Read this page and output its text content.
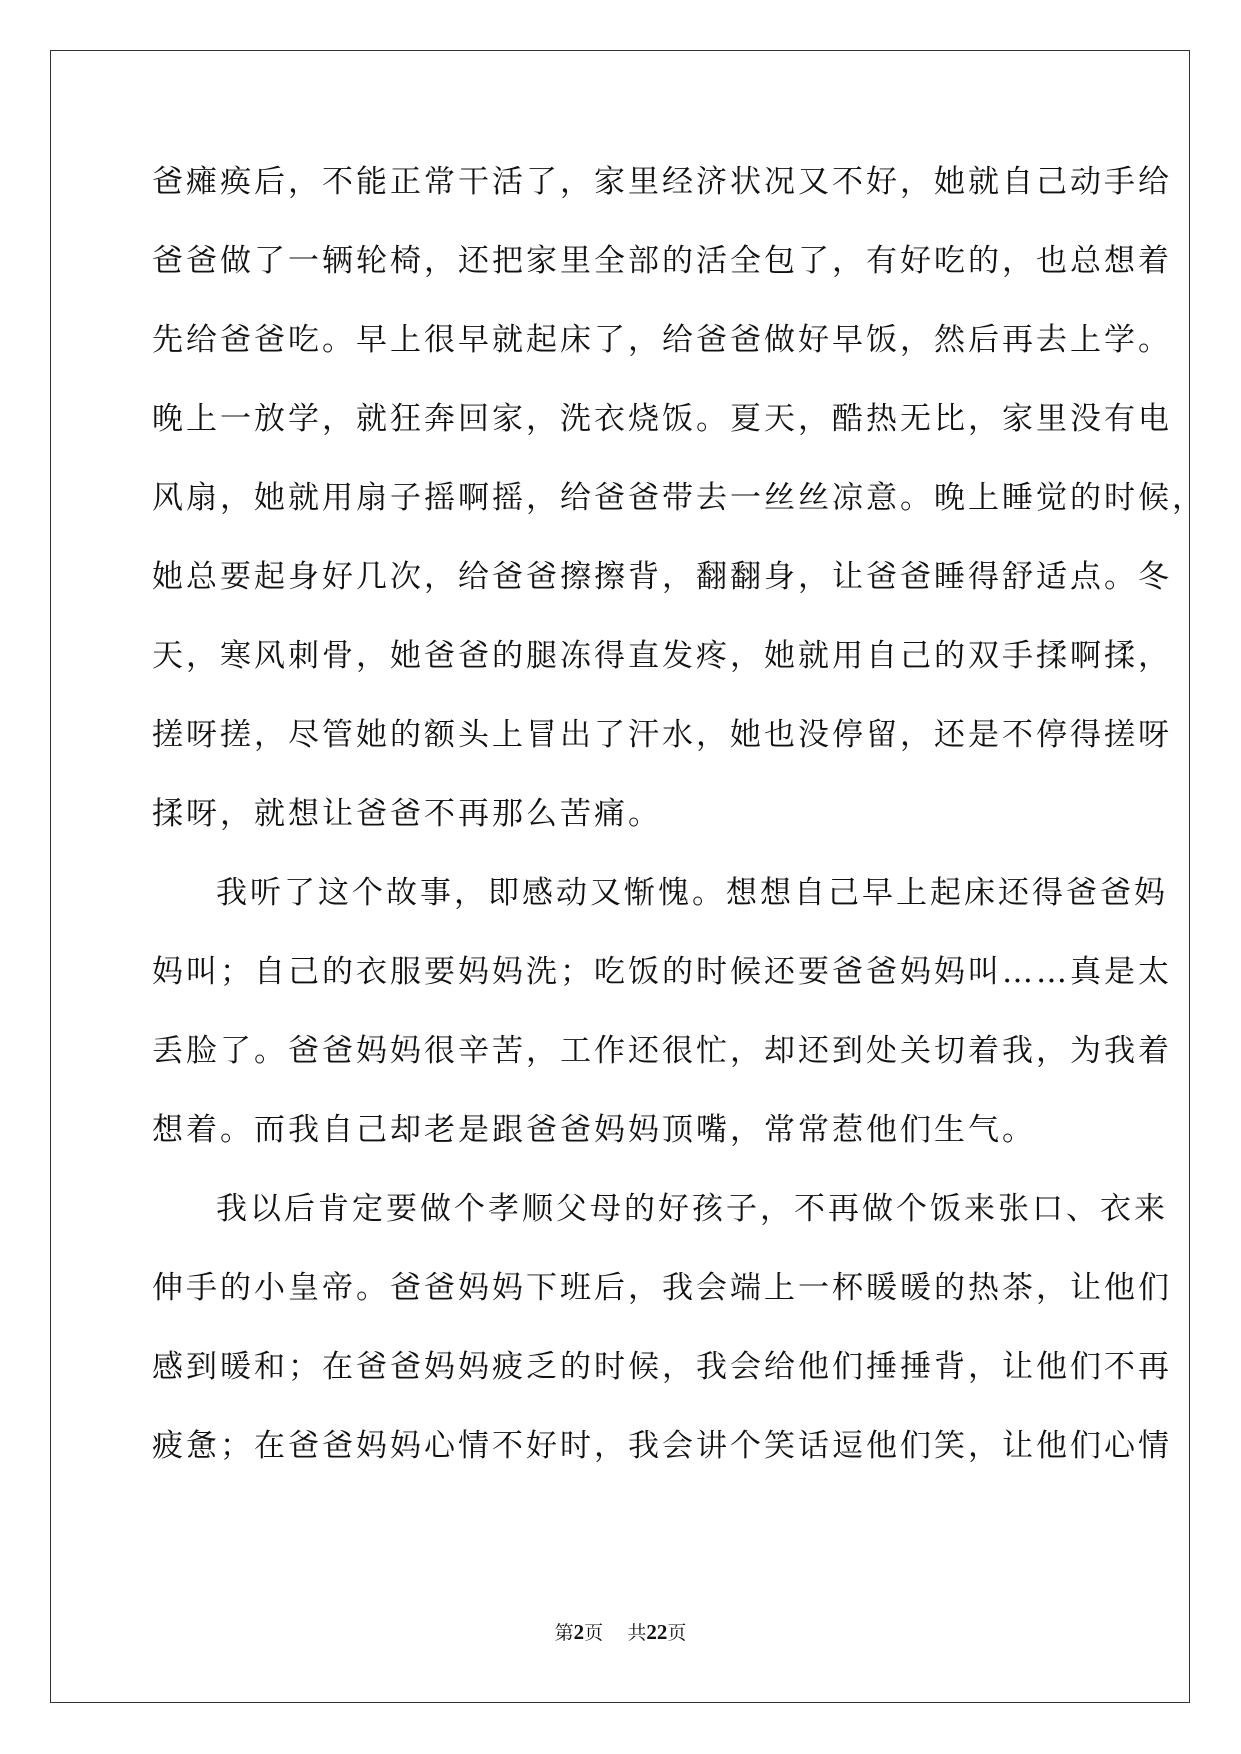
爸瘫痪后，不能正常干活了，家里经济状况又不好，她就自己动手给
爸爸做了一辆轮椅，还把家里全部的活全包了，有好吃的，也总想着
先给爸爸吃。早上很早就起床了，给爸爸做好早饭，然后再去上学。
晚上一放学，就狂奔回家，洗衣烧饭。夏天，酷热无比，家里没有电
风扇，她就用扇子摇啊摇，给爸爸带去一丝丝凉意。晚上睡觉的时候，
她总要起身好几次，给爸爸擦擦背，翻翻身，让爸爸睡得舒适点。冬
天，寒风刺骨，她爸爸的腿冻得直发疼，她就用自己的双手揉啊揉，
搓呀搓，尽管她的额头上冒出了汗水，她也没停留，还是不停得搓呀
揉呀，就想让爸爸不再那么苦痛。
我听了这个故事，即感动又惭愧。想想自己早上起床还得爸爸妈
妈叫；自己的衣服要妈妈洗；吃饭的时候还要爸爸妈妈叫……真是太
丢脸了。爸爸妈妈很辛苦，工作还很忙，却还到处关切着我，为我着
想着。而我自己却老是跟爸爸妈妈顶嘴，常常惹他们生气。
我以后肯定要做个孝顺父母的好孩子，不再做个饭来张口、衣来
伸手的小皇帝。爸爸妈妈下班后，我会端上一杯暖暖的热茶，让他们
感到暖和；在爸爸妈妈疲乏的时候，我会给他们捶捶背，让他们不再
疲惫；在爸爸妈妈心情不好时，我会讲个笑话逗他们笑，让他们心情
第2页 共22页
